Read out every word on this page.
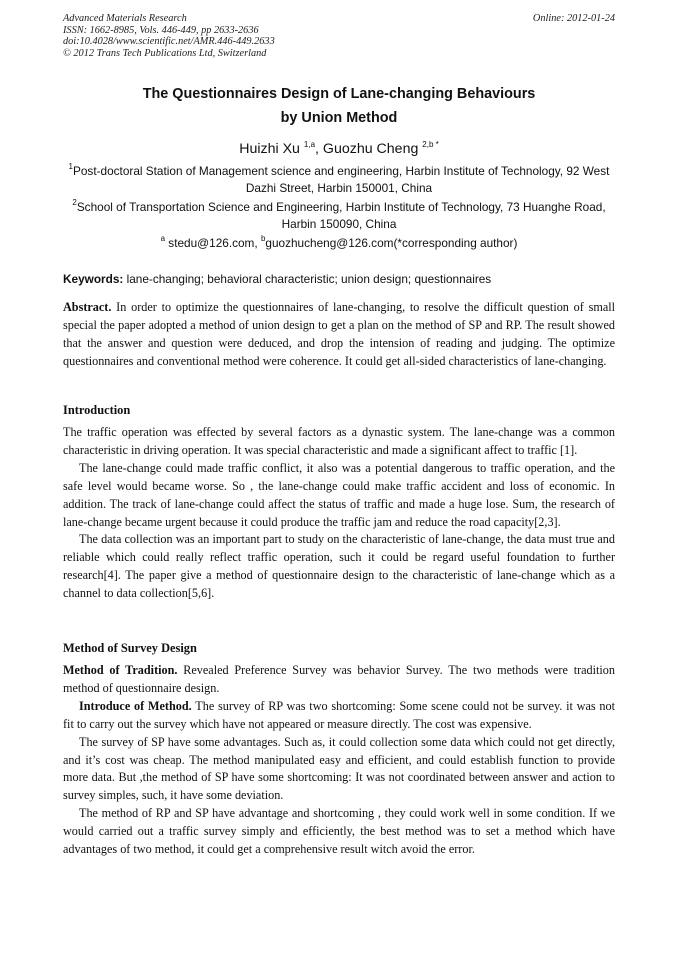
Advanced Materials Research
ISSN: 1662-8985, Vols. 446-449, pp 2633-2636
doi:10.4028/www.scientific.net/AMR.446-449.2633
© 2012 Trans Tech Publications Ltd, Switzerland
Online: 2012-01-24
The Questionnaires Design of Lane-changing Behaviours
by Union Method
Huizhi Xu $^{1,a}$, Guozhu Cheng $^{2,b *}$
$^1$Post-doctoral Station of Management science and engineering, Harbin Institute of Technology, 92 West Dazhi Street, Harbin 150001, China
$^2$School of Transportation Science and Engineering, Harbin Institute of Technology, 73 Huanghe Road, Harbin 150090, China
$^a$ stedu@126.com, $^b$guozhucheng@126.com(*corresponding author)
Keywords: lane-changing; behavioral characteristic; union design; questionnaires

Abstract. In order to optimize the questionnaires of lane-changing, to resolve the difficult question of small special the paper adopted a method of union design to get a plan on the method of SP and RP. The result showed that the answer and question were deduced, and drop the intension of reading and judging. The optimize questionnaires and conventional method were coherence. It could get all-sided characteristics of lane-changing.

Introduction

The traffic operation was effected by several factors as a dynastic system. The lane-change was a common characteristic in driving operation. It was special characteristic and made a significant affect to traffic [1].

The lane-change could made traffic conflict, it also was a potential dangerous to traffic operation, and the safe level would became worse. So , the lane-change could make traffic accident and loss of economic. In addition. The track of lane-change could affect the status of traffic and made a huge lose. Sum, the research of lane-change became urgent because it could produce the traffic jam and reduce the road capacity[2,3].

The data collection was an important part to study on the characteristic of lane-change, the data must true and reliable which could really reflect traffic operation, such it could be regard useful foundation to further research[4]. The paper give a method of questionnaire design to the characteristic of lane-change which as a channel to data collection[5,6].

Method of Survey Design

Method of Tradition. Revealed Preference Survey was behavior Survey. The two methods were tradition method of questionnaire design.

Introduce of Method. The survey of RP was two shortcoming: Some scene could not be survey. it was not fit to carry out the survey which have not appeared or measure directly. The cost was expensive.

The survey of SP have some advantages. Such as, it could collection some data which could not get directly, and it’s cost was cheap. The method manipulated easy and efficient, and could establish function to provide more data. But ,the method of SP have some shortcoming: It was not coordinated between answer and action to survey simples, such, it have some deviation.

The method of RP and SP have advantage and shortcoming , they could work well in some condition. If we would carried out a traffic survey simply and efficiently, the best method was to set a method which have advantages of two method, it could get a comprehensive result witch avoid the error.
